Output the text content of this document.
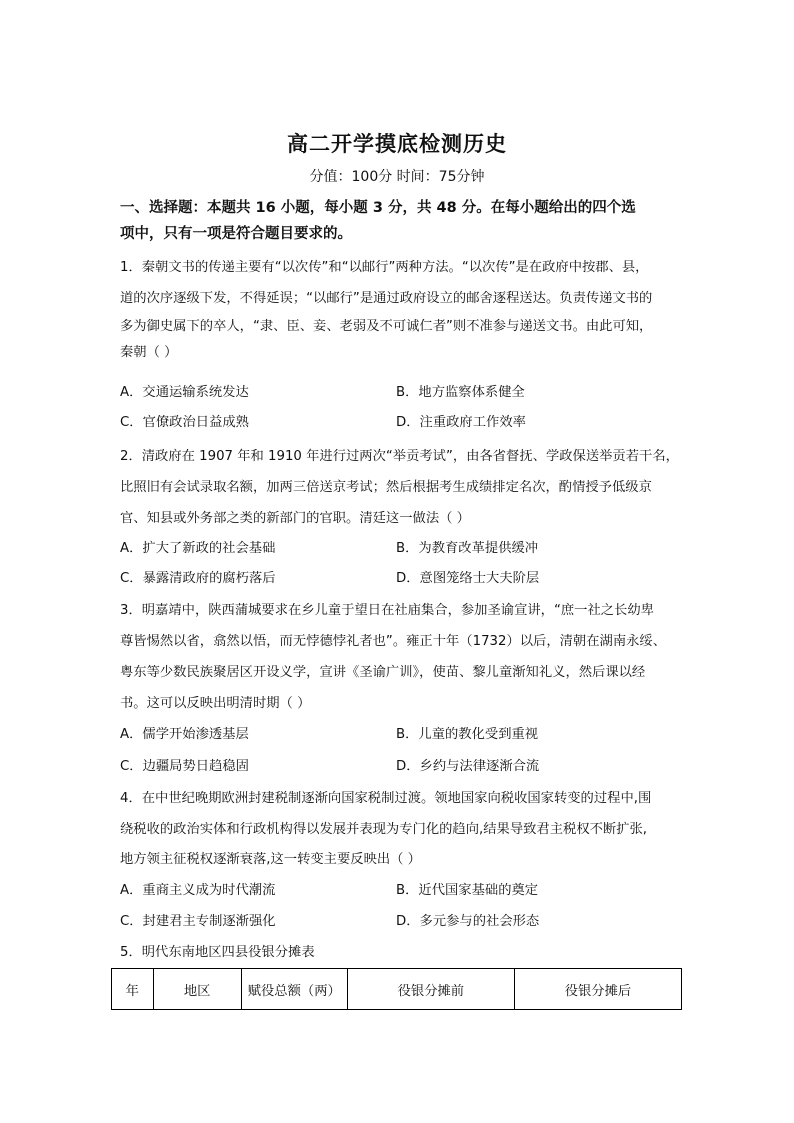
高二开学摸底检测历史
分值：100分 时间：75分钟
一、选择题：本题共 16 小题，每小题 3 分，共 48 分。在每小题给出的四个选
项中，只有一项是符合题目要求的。
1．秦朝文书的传递主要有“以次传”和“以邮行”两种方法。“以次传”是在政府中按郡、县，
道的次序逐级下发，不得延误；“以邮行”是通过政府设立的邮舍逐程送达。负责传递文书的
多为御史属下的卒人，“隶、臣、妾、老弱及不可诚仁者”则不准参与递送文书。由此可知，
秦朝（ ）
A．交通运输系统发达	B．地方监察体系健全
C．官僚政治日益成熟	D．注重政府工作效率
2．清政府在 1907 年和 1910 年进行过两次“举贡考试”，由各省督抚、学政保送举贡若干名，
比照旧有会试录取名额，加两三倍送京考试；然后根据考生成绩排定名次，酌情授予低级京
官、知县或外务部之类的新部门的官职。清廷这一做法（ ）
A．扩大了新政的社会基础	B．为教育改革提供缓冲
C．暴露清政府的腐朽落后	D．意图笼络士大夫阶层
3．明嘉靖中，陕西蒲城要求在乡儿童于望日在社庙集合，参加圣谕宣讲，“庶一社之长幼卑
尊皆惕然以省，翕然以悟，而无悖德悖礼者也”。雍正十年（1732）以后，清朝在湖南永绥、
粤东等少数民族聚居区开设义学，宣讲《圣谕广训》，使苗、黎儿童渐知礼义，然后课以经
书。这可以反映出明清时期（ ）
A．儒学开始渗透基层	B．儿童的教化受到重视
C．边疆局势日趋稳固	D．乡约与法律逐渐合流
4．在中世纪晚期欧洲封建税制逐渐向国家税制过渡。领地国家向税收国家转变的过程中,围
绕税收的政治实体和行政机构得以发展并表现为专门化的趋向,结果导致君主税权不断扩张,
地方领主征税权逐渐衰落,这一转变主要反映出（ ）
A．重商主义成为时代潮流	B．近代国家基础的奠定
C．封建君主专制逐渐强化	D．多元参与的社会形态
5．明代东南地区四县役银分摊表
年	地区	赋役总额（两）	役银分摊前	役银分摊后
